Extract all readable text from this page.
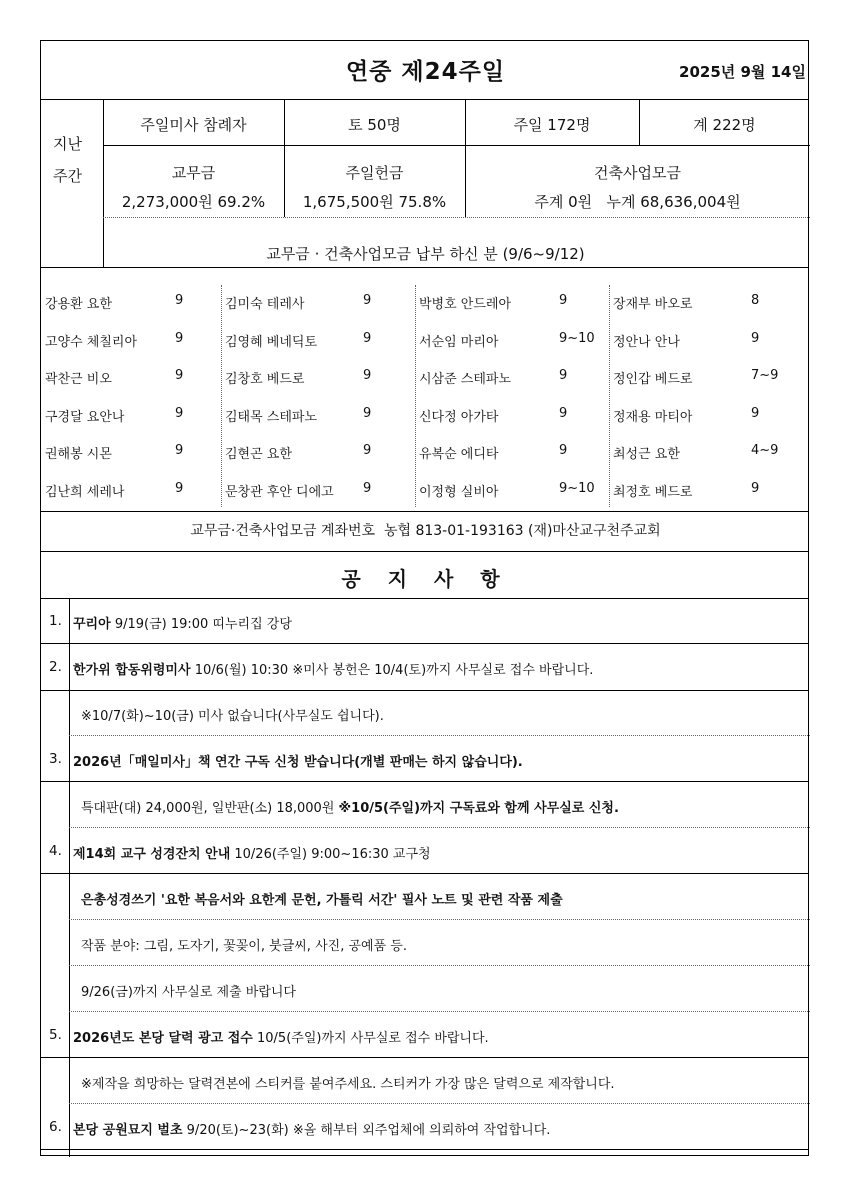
연중 제24주일	2025년 9월 14일
지난
주간
주일미사 참례자	토 50명	주일 172명	계 222명
교무금
2,273,000원 69.2%
주일헌금
1,675,500원 75.8%
건축사업모금
주계 0원   누계 68,636,004원
교무금 · 건축사업모금 납부 하신 분 (9/6~9/12)
강용환 요한	9	김미숙 테레사	9	박병호 안드레아	9	장재부 바오로	8
고양수 체칠리아	9	김영혜 베네딕토	9	서순임 마리아	9~10 정안나 안나	9
곽찬근 비오	9	김창호 베드로	9	시삼준 스테파노	9	정인갑 베드로	7~9
구경달 요안나	9	김태목 스테파노	9	신다정 아가타	9	정재용 마티아	9
권해봉 시몬	9	김현곤 요한	9	유복순 에디타	9	최성근 요한	4~9
김난희 세레나	9	문창관 후안 디에고 9	이정형 실비아	9~10 최정호 베드로	9
교무금·건축사업모금 계좌번호  농협 813-01-193163 (재)마산교구천주교회
공 지 사 항
1. 꾸리아 9/19(금) 19:00 띠누리집 강당
2. 한가위 합동위령미사 10/6(월) 10:30 ※미사 봉헌은 10/4(토)까지 사무실로 접수 바랍니다.
※10/7(화)~10(금) 미사 없습니다(사무실도 쉽니다).
3. 2026년「매일미사」책 연간 구독 신청 받습니다(개별 판매는 하지 않습니다).
특대판(대) 24,000원, 일반판(소) 18,000원 ※10/5(주일)까지 구독료와 함께 사무실로 신청.
4. 제14회 교구 성경잔치 안내 10/26(주일) 9:00~16:30 교구청
은총성경쓰기 '요한 복음서와 요한계 문헌, 가톨릭 서간' 필사 노트 및 관련 작품 제출
작품 분야: 그림, 도자기, 꽃꽂이, 붓글씨, 사진, 공예품 등.
9/26(금)까지 사무실로 제출 바랍니다
5. 2026년도 본당 달력 광고 접수 10/5(주일)까지 사무실로 접수 바랍니다.
※제작을 희망하는 달력견본에 스티커를 붙여주세요. 스티커가 가장 많은 달력으로 제작합니다.
6. 본당 공원묘지 벌초 9/20(토)~23(화) ※올 해부터 외주업체에 의뢰하여 작업합니다.
